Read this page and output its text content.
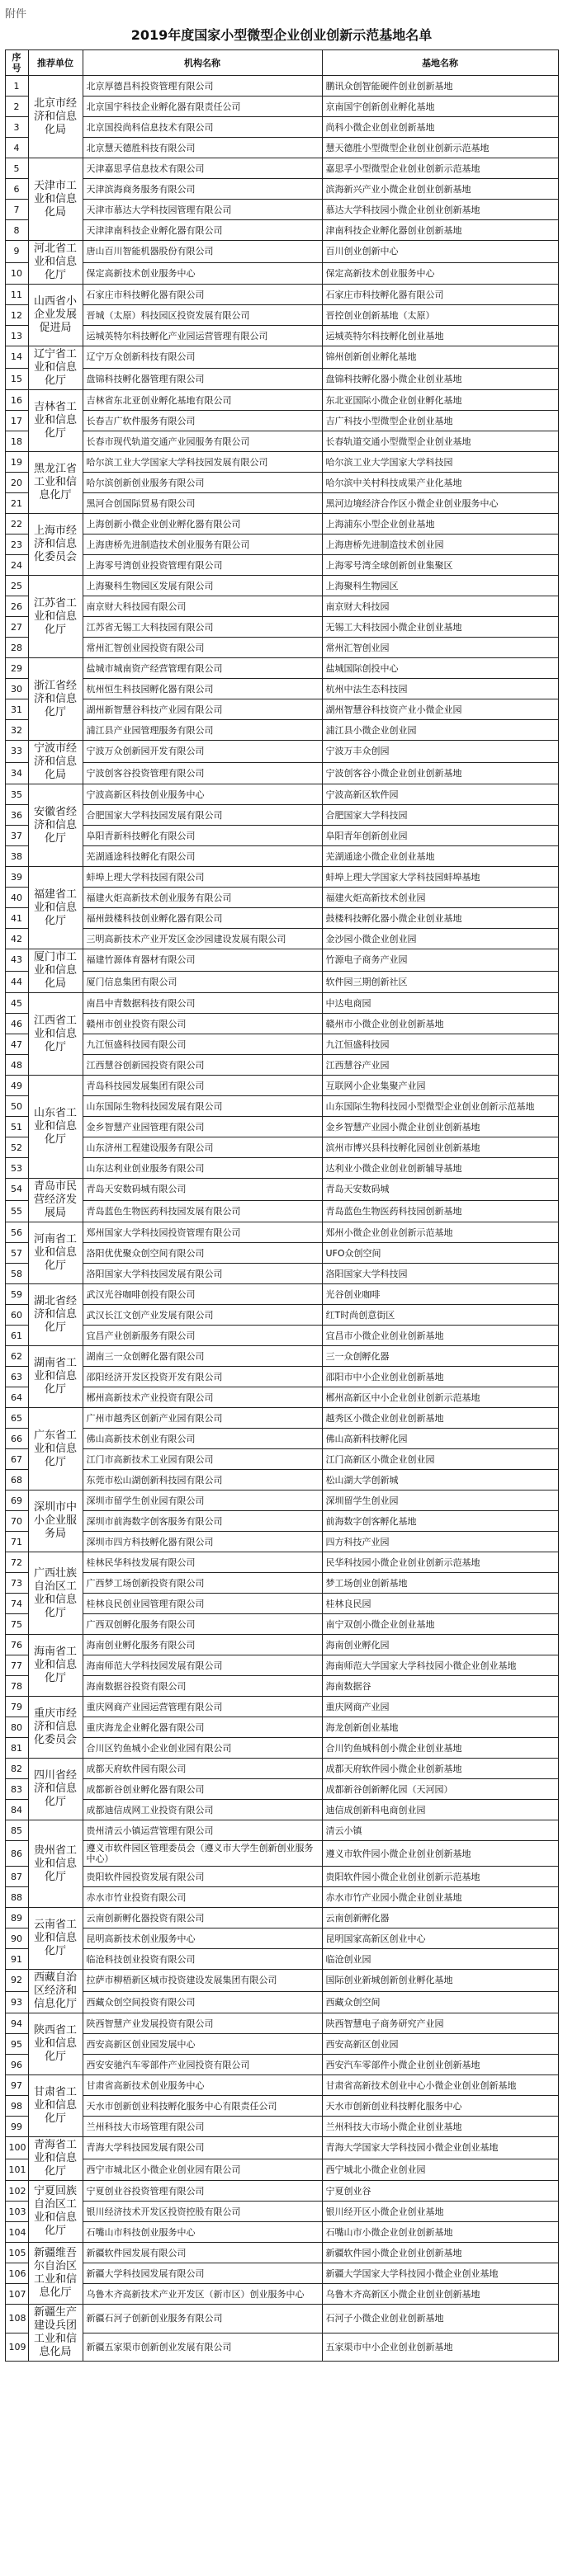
附件
2019年度国家小型微型企业创业创新示范基地名单
序号	推荐单位	机构名称	基地名称
1	北京市经济和信息化局	北京厚德昌科投资管理有限公司	鹏讯众创智能硬件创业创新基地
2		北京国宇科技企业孵化器有限责任公司	京南国宇创新创业孵化基地
3		北京国投尚科信息技术有限公司	尚科小微企业创业创新基地
4		北京慧天德胜科技有限公司	慧天德胜小型微型企业创业创新示范基地
5	天津市工业和信息化局	天津嘉思孚信息技术有限公司	嘉思孚小型微型企业创业创新示范基地
6		天津滨海商务服务有限公司	滨海新兴产业小微企业创业创新基地
7		天津市慕达大学科技园管理有限公司	慕达大学科技园小微企业创业创新基地
8		天津津南科技企业孵化器有限公司	津南科技企业孵化器创业创新基地
9	河北省工业和信息化厅	唐山百川智能机器股份有限公司	百川创业创新中心
10		保定高新技术创业服务中心	保定高新技术创业服务中心
11	山西省小企业发展促进局	石家庄市科技孵化器有限公司	石家庄市科技孵化器有限公司
12		晋城（太原）科技园区投资发展有限公司	晋控创业创新基地（太原）
13		运城英特尔科技孵化产业园运营管理有限公司	运城英特尔科技孵化创业基地
14	辽宁省工业和信息化厅	辽宁万众创新科技有限公司	锦州创新创业孵化基地
15		盘锦科技孵化器管理有限公司	盘锦科技孵化器小微企业创业基地
16	吉林省工业和信息化厅	吉林省东北亚创业孵化基地有限公司	东北亚国际小微企业创业孵化基地
17		长春吉广软件服务有限公司	吉广科技小型微型企业创业基地
18		长春市现代轨道交通产业园服务有限公司	长春轨道交通小型微型企业创业基地
19	黑龙江省工业和信息化厅	哈尔滨工业大学国家大学科技园发展有限公司	哈尔滨工业大学国家大学科技园
20		哈尔滨创新创业服务有限公司	哈尔滨中关村科技成果产业化基地
21		黑河合创国际贸易有限公司	黑河边境经济合作区小微企业创业服务中心
22	上海市经济和信息化委员会	上海创新小微企业创业孵化器有限公司	上海浦东小型企业创业基地
23		上海唐桥先进制造技术创业服务有限公司	上海唐桥先进制造技术创业园
24		上海零号湾创业投资管理有限公司	上海零号湾全球创新创业集聚区
25	江苏省工业和信息化厅	上海聚科生物园区发展有限公司	上海聚科生物园区
26		南京财大科技园有限公司	南京财大科技园
27		江苏省无锡工大科技园有限公司	无锡工大科技园小微企业创业基地
28		常州汇智创业园投资有限公司	常州汇智创业园
29	浙江省经济和信息化厅	盐城市城南资产经营管理有限公司	盐城国际创投中心
30		杭州恒生科技园孵化器有限公司	杭州中法生态科技园
31		湖州新智慧谷科技产业园有限公司	湖州智慧谷科技资产业小微企业园
32		浦江县产业园管理服务有限公司	浦江县小微企业创业园
33	宁波市经济和信息化局	宁波万众创新园开发有限公司	宁波万丰众创园
34		宁波创客谷投资管理有限公司	宁波创客谷小微企业创业创新基地
35	安徽省经济和信息化厅	宁波高新区科技创业服务中心	宁波高新区软件园
36		合肥国家大学科技园发展有限公司	合肥国家大学科技园
37		阜阳青新科技孵化有限公司	阜阳青年创新创业园
38		芜湖通途科技孵化有限公司	芜湖通途小微企业创业基地
39	福建省工业和信息化厅	蚌埠上理大学科技园有限公司	蚌埠上理大学国家大学科技园蚌埠基地
40		福建火炬高新技术创业服务有限公司	福建火炬高新技术创业园
41		福州鼓楼科技创业孵化器有限公司	鼓楼科技孵化器小微企业创业基地
42		三明高新技术产业开发区金沙园建设发展有限公司	金沙园小微企业创业园
43	厦门市工业和信息化局	福建竹源体育器材有限公司	竹源电子商务产业园
44		厦门信息集团有限公司	软件园三期创新社区
45	江西省工业和信息化厅	南昌中青数据科技有限公司	中达电商园
46		赣州市创业投资有限公司	赣州市小微企业创业创新基地
47		九江恒盛科技园有限公司	九江恒盛科技园
48		江西慧谷创新园投资有限公司	江西慧谷产业园
49	山东省工业和信息化厅	青岛科技园发展集团有限公司	互联网小企业集聚产业园
50		山东国际生物科技园发展有限公司	山东国际生物科技园小型微型企业创业创新示范基地
51		金乡智慧产业园管理有限公司	金乡智慧产业园小微企业创业创新基地
52		山东济州工程建设服务有限公司	滨州市博兴县科技孵化园创业创新基地
53		山东达利业创业服务有限公司	达利业小微企业创业创新辅导基地
54	青岛市民营经济发展局	青岛天安数码城有限公司	青岛天安数码城
55		青岛蓝色生物医药科技园发展有限公司	青岛蓝色生物医药科技园创新基地
56	河南省工业和信息化厅	郑州国家大学科技园投资管理有限公司	郑州小微企业创业创新示范基地
57		洛阳优优聚众创空间有限公司	UFO众创空间
58		洛阳国家大学科技园发展有限公司	洛阳国家大学科技园
59	湖北省经济和信息化厅	武汉光谷咖啡创投有限公司	光谷创业咖啡
60		武汉长江文创产业发展有限公司	红T时尚创意街区
61		宜昌产业创新服务有限公司	宜昌市小微企业创业创新基地
62	湖南省工业和信息化厅	湖南三一众创孵化器有限公司	三一众创孵化器
63		邵阳经济开发区投资开发有限公司	邵阳市中小企业创业创新基地
64		郴州高新技术产业投资有限公司	郴州高新区中小企业创业创新示范基地
65	广东省工业和信息化厅	广州市越秀区创新产业园有限公司	越秀区小微企业创业创新基地
66		佛山高新技术创业有限公司	佛山高新科技孵化园
67		江门市高新技术工业园有限公司	江门高新区小微企业创业园
68		东莞市松山湖创新科技园有限公司	松山湖大学创新城
69	深圳市中小企业服务局	深圳市留学生创业园有限公司	深圳留学生创业园
70		深圳市前海数字创客服务有限公司	前海数字创客孵化基地
71		深圳市四方科技孵化器有限公司	四方科技产业园
72	广西壮族自治区工业和信息化厅	桂林民华科技发展有限公司	民华科技园小微企业创业创新示范基地
73		广西梦工场创新投资有限公司	梦工场创业创新基地
74		桂林良民创业园管理有限公司	桂林良民园
75		广西双创孵化服务有限公司	南宁双创小微企业创业基地
76	海南省工业和信息化厅	海南创业孵化服务有限公司	海南创业孵化园
77		海南师范大学科技园发展有限公司	海南师范大学国家大学科技园小微企业创业基地
78		海南数据谷投资有限公司	海南数据谷
79	重庆市经济和信息化委员会	重庆网商产业园运营管理有限公司	重庆网商产业园
80		重庆海龙企业孵化器有限公司	海龙创新创业基地
81		合川区钓鱼城小企业创业园有限公司	合川钓鱼城科创小微企业创业基地
82	四川省经济和信息化厅	成都天府软件园有限公司	成都天府软件园小微企业创新基地
83		成都新谷创业孵化器有限公司	成都新谷创新孵化园（天河园）
84		成都迪信成网工业投资有限公司	迪信成创新科电商创业园
85	贵州省工业和信息化厅	贵州清云小镇运营管理有限公司	清云小镇
86		遵义市软件园区管理委员会（遵义市大学生创新创业服务中心）	遵义市软件园小微企业创业创新基地
87		贵阳软件园投资发展有限公司	贵阳软件园小微企业创业创新示范基地
88		赤水市竹业投资有限公司	赤水市竹产业园小微企业创业基地
89	云南省工业和信息化厅	云南创新孵化器投资有限公司	云南创新孵化器
90		昆明高新技术创业服务中心	昆明国家高新区创业中心
91		临沧科技创业投资有限公司	临沧创业园
92	西藏自治区经济和信息化厅	拉萨市柳梧新区城市投资建设发展集团有限公司	国际创业新城创新创业孵化基地
93		西藏众创空间投资有限公司	西藏众创空间
94	陕西省工业和信息化厅	陕西智慧产业发展投资有限公司	陕西智慧电子商务研究产业园
95		西安高新区创业园发展中心	西安高新区创业园
96		西安安驰汽车零部件产业园投资有限公司	西安汽车零部件小微企业创业创新基地
97	甘肃省工业和信息化厅	甘肃省高新技术创业服务中心	甘肃省高新技术创业中心小微企业创业创新基地
98		天水市创新创业科技孵化服务中心有限责任公司	天水市创新创业科技孵化服务中心
99		兰州科技大市场管理有限公司	兰州科技大市场小微企业创业基地
100	青海省工业和信息化厅	青海大学科技园发展有限公司	青海大学国家大学科技园小微企业创业基地
101		西宁市城北区小微企业创业园有限公司	西宁城北小微企业创业园
102	宁夏回族自治区工业和信息化厅	宁夏创业谷投资管理有限公司	宁夏创业谷
103		银川经济技术开发区投资控股有限公司	银川经开区小微企业创业基地
104		石嘴山市科技创业服务中心	石嘴山市小微企业创业创新基地
105	新疆维吾尔自治区工业和信息化厅	新疆软件园发展有限公司	新疆软件园小微企业创业创新基地
106		新疆大学科技园发展有限公司	新疆大学国家大学科技园小微企业创业基地
107		乌鲁木齐高新技术产业开发区（新市区）创业服务中心	乌鲁木齐高新区小微企业创业创新基地
108	新疆生产建设兵团工业和信息化局	新疆石河子创新创业服务有限公司	石河子小微企业创业创新基地
109		新疆五家渠市创新创业发展有限公司	五家渠市中小企业创业创新基地
